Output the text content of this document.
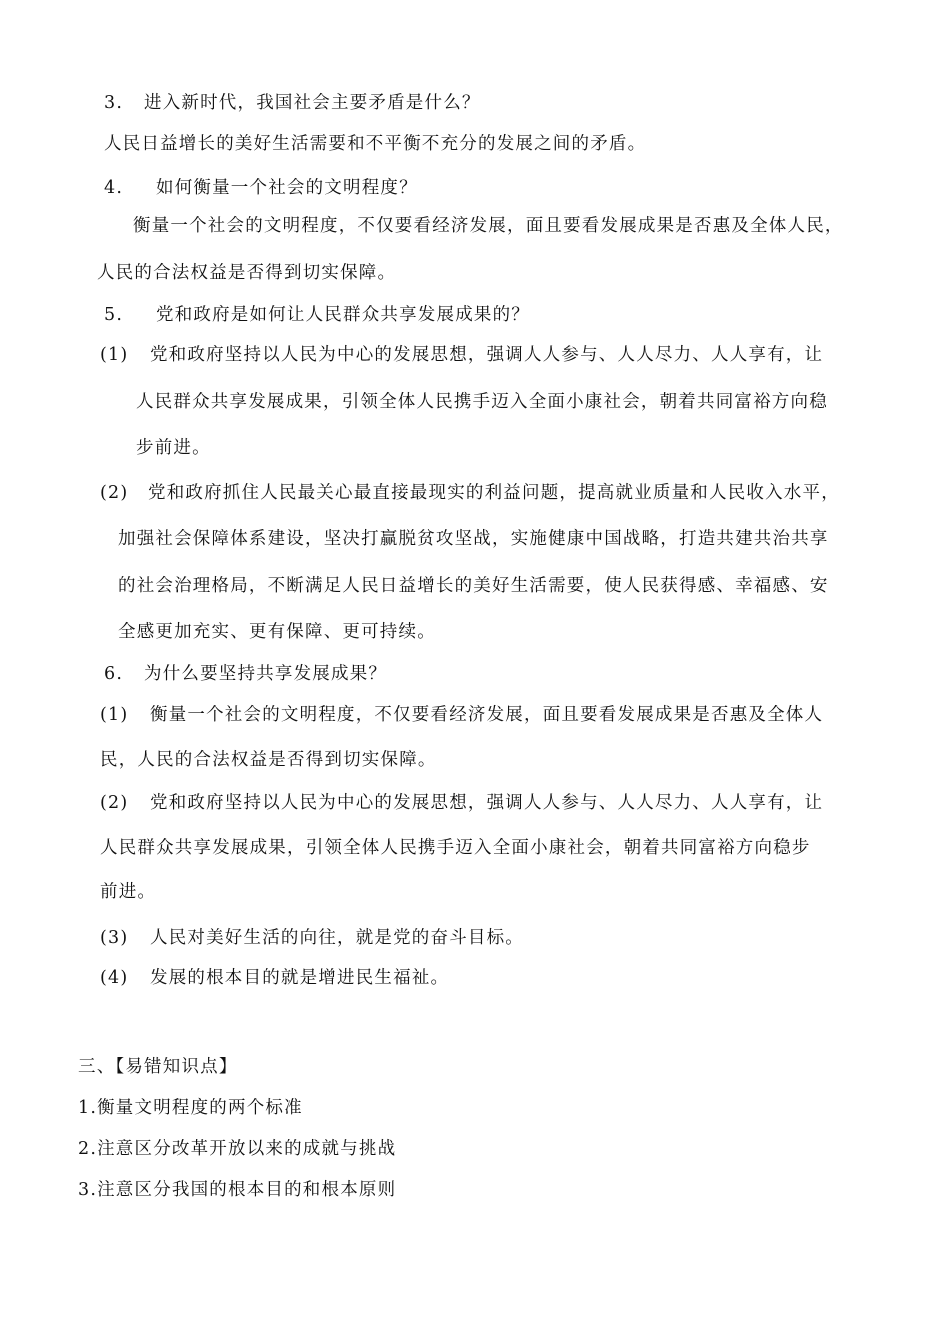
3. 进入新时代，我国社会主要矛盾是什么？
人民日益增长的美好生活需要和不平衡不充分的发展之间的矛盾。
4. 如何衡量一个社会的文明程度？
衡量一个社会的文明程度，不仅要看经济发展，面且要看发展成果是否惠及全体人民，
人民的合法权益是否得到切实保障。
5. 党和政府是如何让人民群众共享发展成果的？
(1) 党和政府坚持以人民为中心的发展思想，强调人人参与、人人尽力、人人享有，让
人民群众共享发展成果，引领全体人民携手迈入全面小康社会，朝着共同富裕方向稳
步前进。
(2) 党和政府抓住人民最关心最直接最现实的利益问题，提高就业质量和人民收入水平，
加强社会保障体系建设，坚决打赢脱贫攻坚战，实施健康中国战略，打造共建共治共享
的社会治理格局，不断满足人民日益增长的美好生活需要，使人民获得感、幸福感、安
全感更加充实、更有保障、更可持续。
6. 为什么要坚持共享发展成果？
(1) 衡量一个社会的文明程度，不仅要看经济发展，面且要看发展成果是否惠及全体人
民，人民的合法权益是否得到切实保障。
(2) 党和政府坚持以人民为中心的发展思想，强调人人参与、人人尽力、人人享有，让
人民群众共享发展成果，引领全体人民携手迈入全面小康社会，朝着共同富裕方向稳步
前进。
(3) 人民对美好生活的向往，就是党的奋斗目标。
(4) 发展的根本目的就是增进民生福祉。
三、【易错知识点】
1.衡量文明程度的两个标准
2.注意区分改革开放以来的成就与挑战
3.注意区分我国的根本目的和根本原则
